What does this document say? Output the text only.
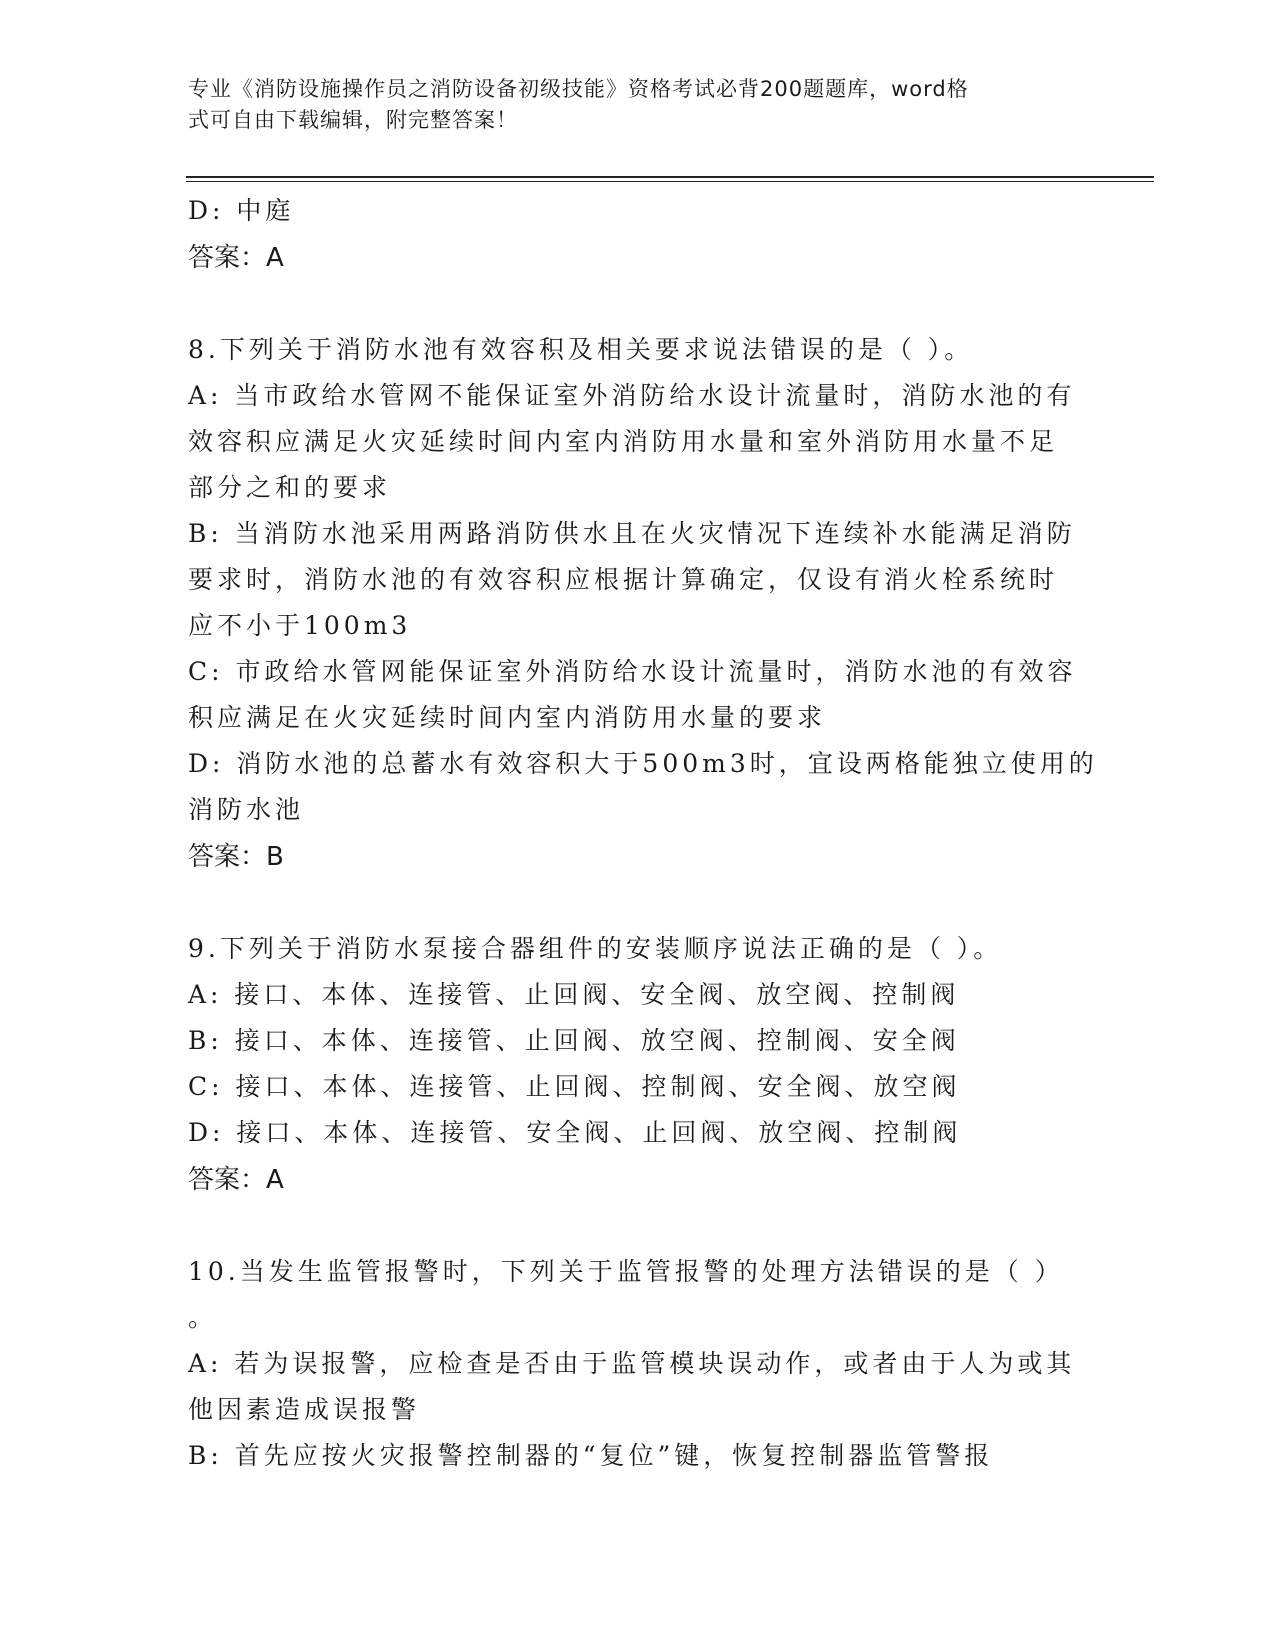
专业《消防设施操作员之消防设备初级技能》资格考试必背200题题库，word格
式可自由下载编辑，附完整答案！
D: 中庭
答案：A
8.下列关于消防水池有效容积及相关要求说法错误的是（ ）。
A: 当市政给水管网不能保证室外消防给水设计流量时，消防水池的有
效容积应满足火灾延续时间内室内消防用水量和室外消防用水量不足
部分之和的要求
B: 当消防水池采用两路消防供水且在火灾情况下连续补水能满足消防
要求时，消防水池的有效容积应根据计算确定，仅设有消火栓系统时
应不小于100m3
C: 市政给水管网能保证室外消防给水设计流量时，消防水池的有效容
积应满足在火灾延续时间内室内消防用水量的要求
D: 消防水池的总蓄水有效容积大于500m3时，宜设两格能独立使用的
消防水池
答案：B
9.下列关于消防水泵接合器组件的安装顺序说法正确的是（ ）。
A: 接口、本体、连接管、止回阀、安全阀、放空阀、控制阀
B: 接口、本体、连接管、止回阀、放空阀、控制阀、安全阀
C: 接口、本体、连接管、止回阀、控制阀、安全阀、放空阀
D: 接口、本体、连接管、安全阀、止回阀、放空阀、控制阀
答案：A
10.当发生监管报警时，下列关于监管报警的处理方法错误的是（ ）
。
A: 若为误报警，应检查是否由于监管模块误动作，或者由于人为或其
他因素造成误报警
B: 首先应按火灾报警控制器的“复位”键，恢复控制器监管警报
